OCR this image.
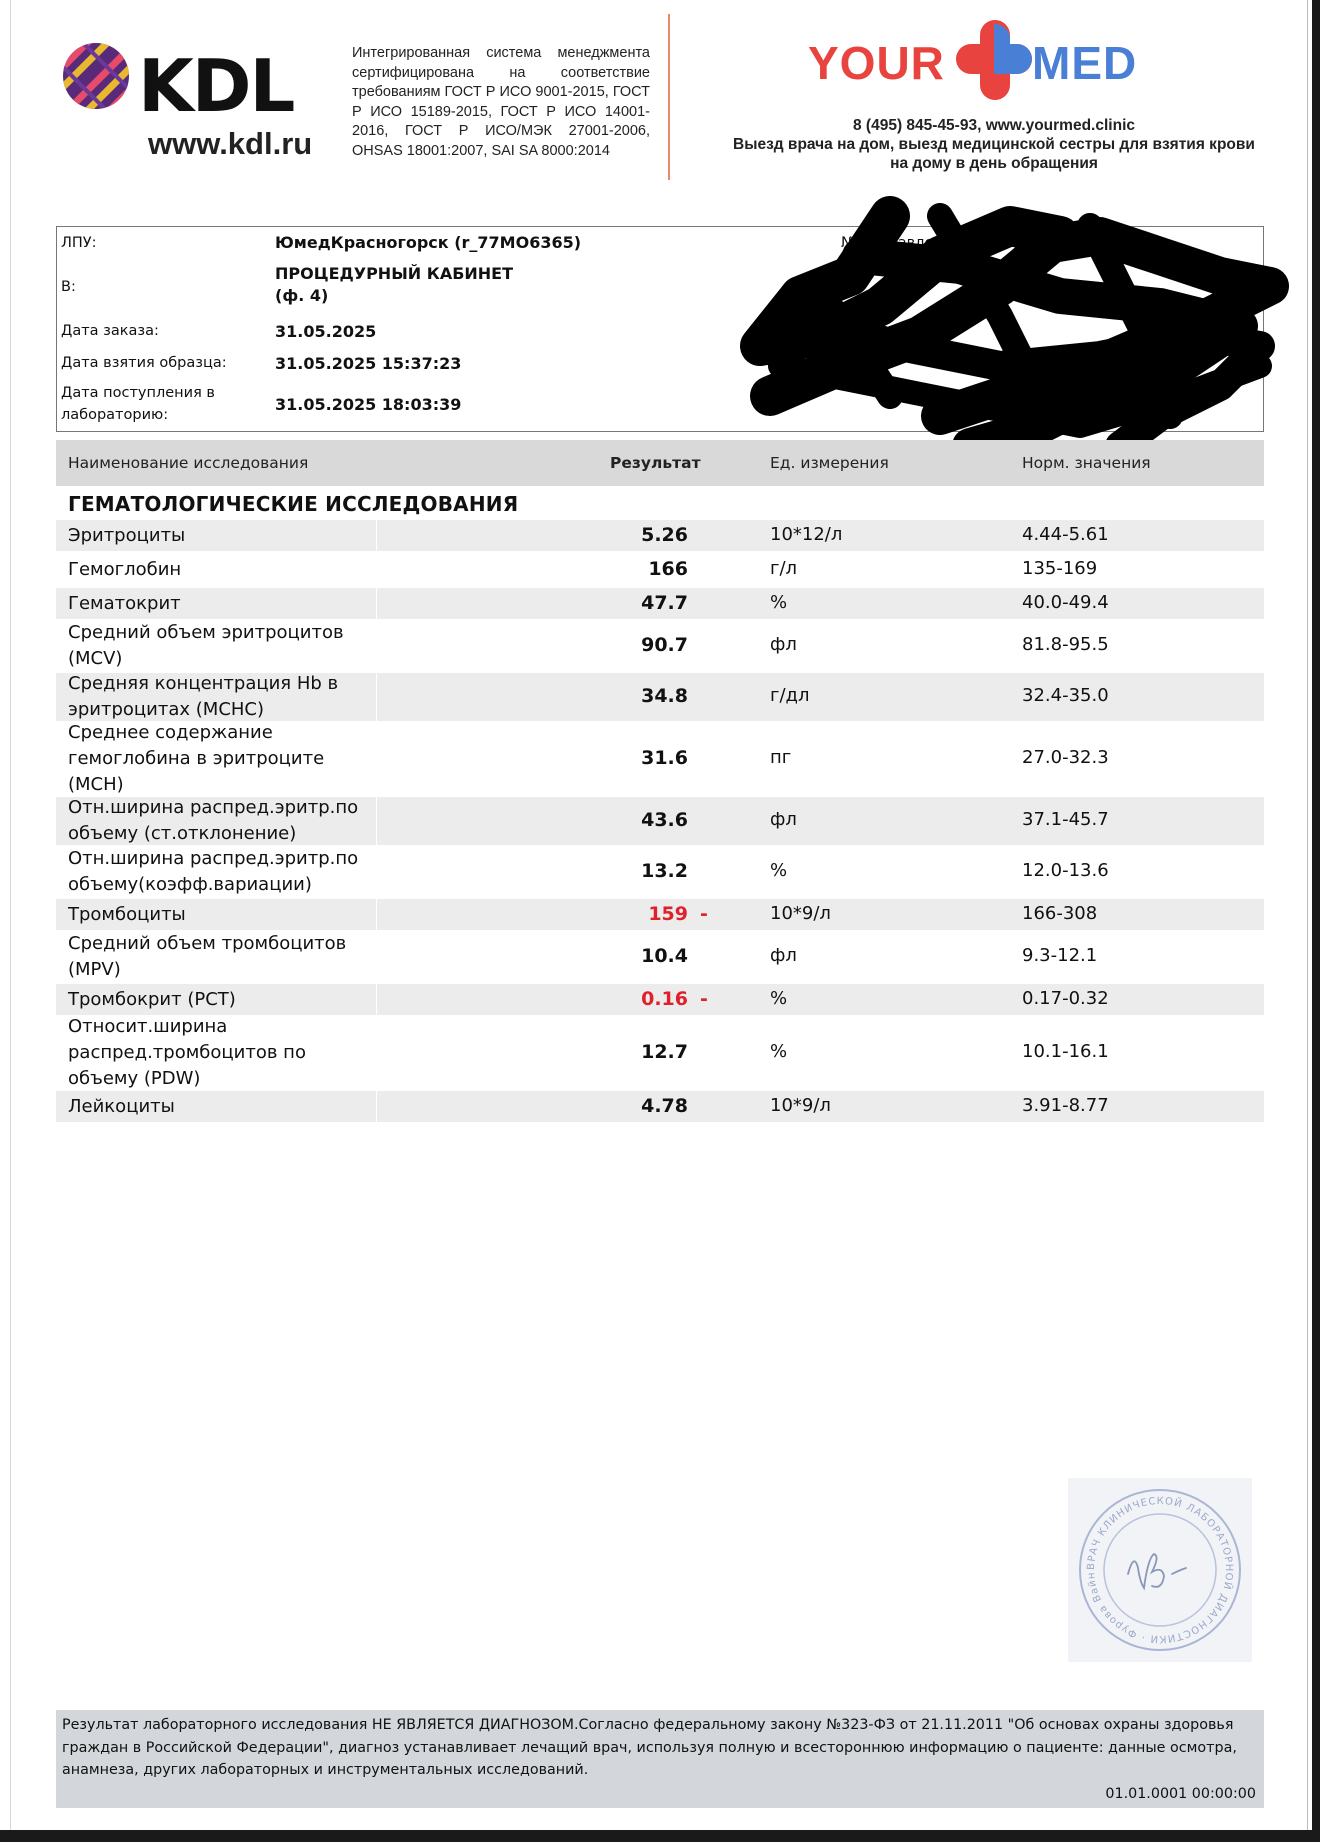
KDL
www.kdl.ru
Интегрированная система менеджмента сертифицирована на соответствие требованиям ГОСТ Р ИСО 9001-2015, ГОСТ Р ИСО 15189-2015, ГОСТ Р ИСО 14001-2016, ГОСТ Р ИСО/МЭК 27001-2006, OHSAS 18001:2007, SAI SA 8000:2014
YOUR MED
8 (495) 845-45-93, www.yourmed.clinic
Выезд врача на дом, выезд медицинской сестры для взятия крови
на дому в день обращения
ЛПУ:	ЮмедКрасногорск (r_77MO6365)
В:
ПРОЦЕДУРНЫЙ КАБИНЕТ
(ф. 4)
Дата заказа:	31.05.2025
Дата взятия образца:	31.05.2025 15:37:23
Дата поступления в
лабораторию:
31.05.2025 18:03:39
№ направлен
Фа
Наименование исследования	Результат	Ед. измерения	Норм. значения
ГЕМАТОЛОГИЧЕСКИЕ ИССЛЕДОВАНИЯ
Эритроциты	5.26	10*12/л	4.44-5.61
Гемоглобин	166	г/л	135-169
Гематокрит	47.7	%	40.0-49.4
Средний объем эритроцитов
(MCV)
90.7	фл	81.8-95.5
Средняя концентрация Hb в
эритроцитах (MCHC)
34.8	г/дл	32.4-35.0
Среднее содержание
гемоглобина в эритроците
(MCH)
31.6	пг	27.0-32.3
Отн.ширина распред.эритр.по
объему (ст.отклонение)
43.6	фл	37.1-45.7
Отн.ширина распред.эритр.по
объему(коэфф.вариации)
13.2	%	12.0-13.6
Тромбоциты	159 -	10*9/л	166-308
Средний объем тромбоцитов
(MPV)
10.4	фл	9.3-12.1
Тромбокрит (PCT)	0.16 -	%	0.17-0.32
Относит.ширина
распред.тромбоцитов по
объему (PDW)
12.7	%	10.1-16.1
Лейкоциты	4.78	10*9/л	3.91-8.77
ВРАЧ КЛИНИЧЕСКОЙ ЛАБОРАТОРНОЙ ДИАГНОСТИКИ · Фурова Вайн
Результат лабораторного исследования НЕ ЯВЛЯЕТСЯ ДИАГНОЗОМ.Согласно федеральному закону №323-ФЗ от 21.11.2011 "Об основах охраны здоровья граждан в Российской Федерации", диагноз устанавливает лечащий врач, используя полную и всестороннюю информацию о пациенте: данные осмотра, анамнеза, других лабораторных и инструментальных исследований.
01.01.0001 00:00:00
